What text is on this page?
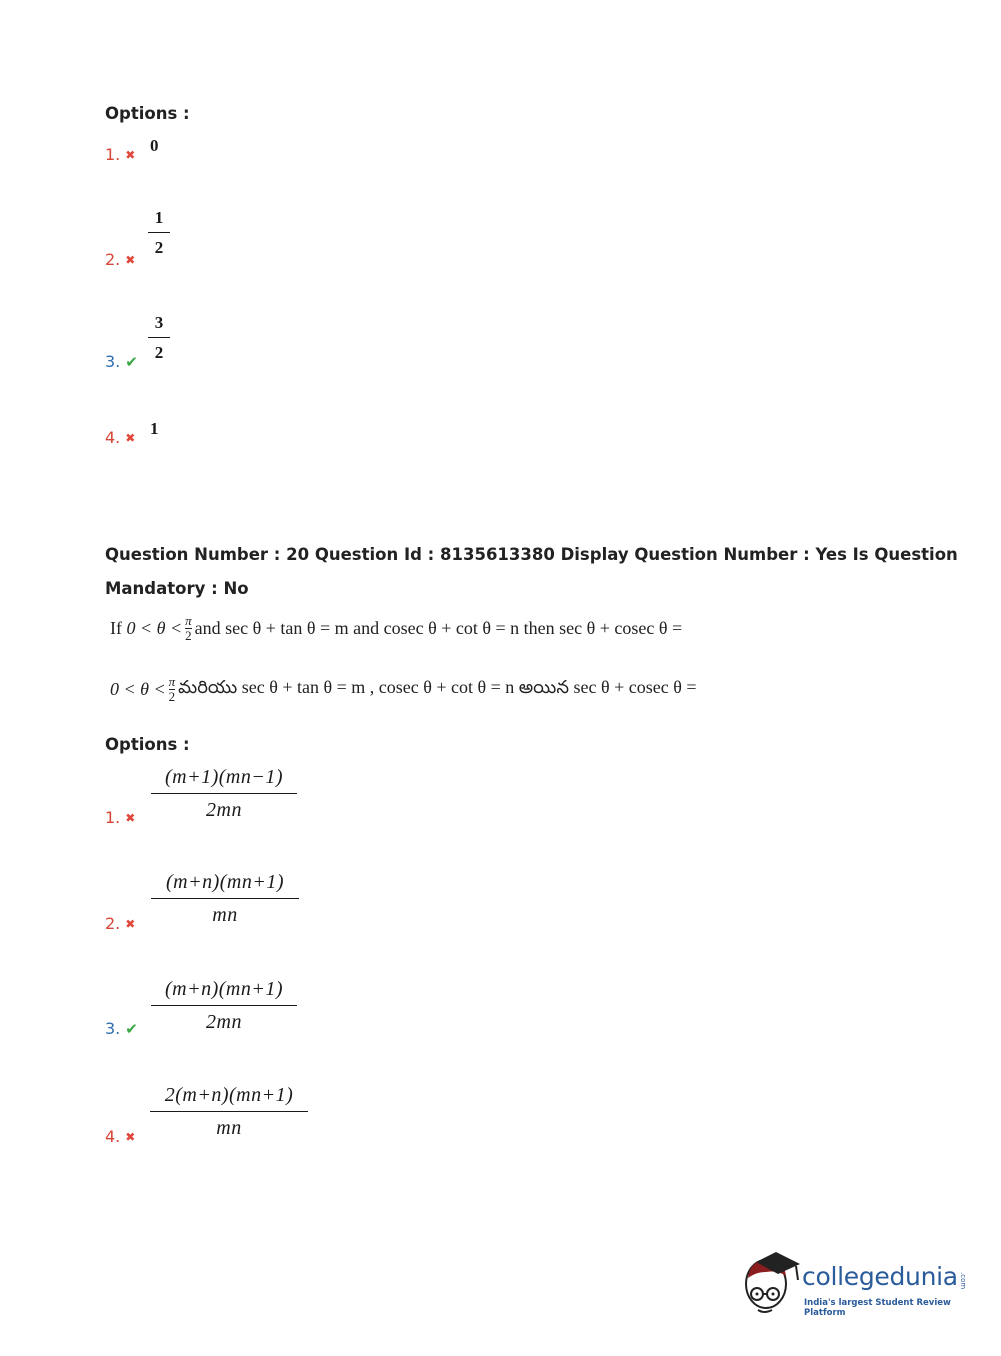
Options :
1. ✖ 0
2. ✖
1
2
3. ✔
3
2
4. ✖ 1
Question Number : 20 Question Id : 8135613380 Display Question Number : Yes Is Question
Mandatory : No
If
0 < θ < π
2 and sec θ + tan θ = m and cosec θ + cot θ = n then sec θ + cosec θ =
0 < θ < π
2 మరియు sec θ + tan θ = m , cosec θ + cot θ = n అయిన sec θ + cosec θ =
Options :
1. ✖
(m+1)(mn−1)
2mn
2. ✖
(m+n)(mn+1)
mn
3. ✔
(m+n)(mn+1)
2mn
4. ✖
2(m+n)(mn+1)
mn
collegedunia .com
India's largest Student Review Platform
